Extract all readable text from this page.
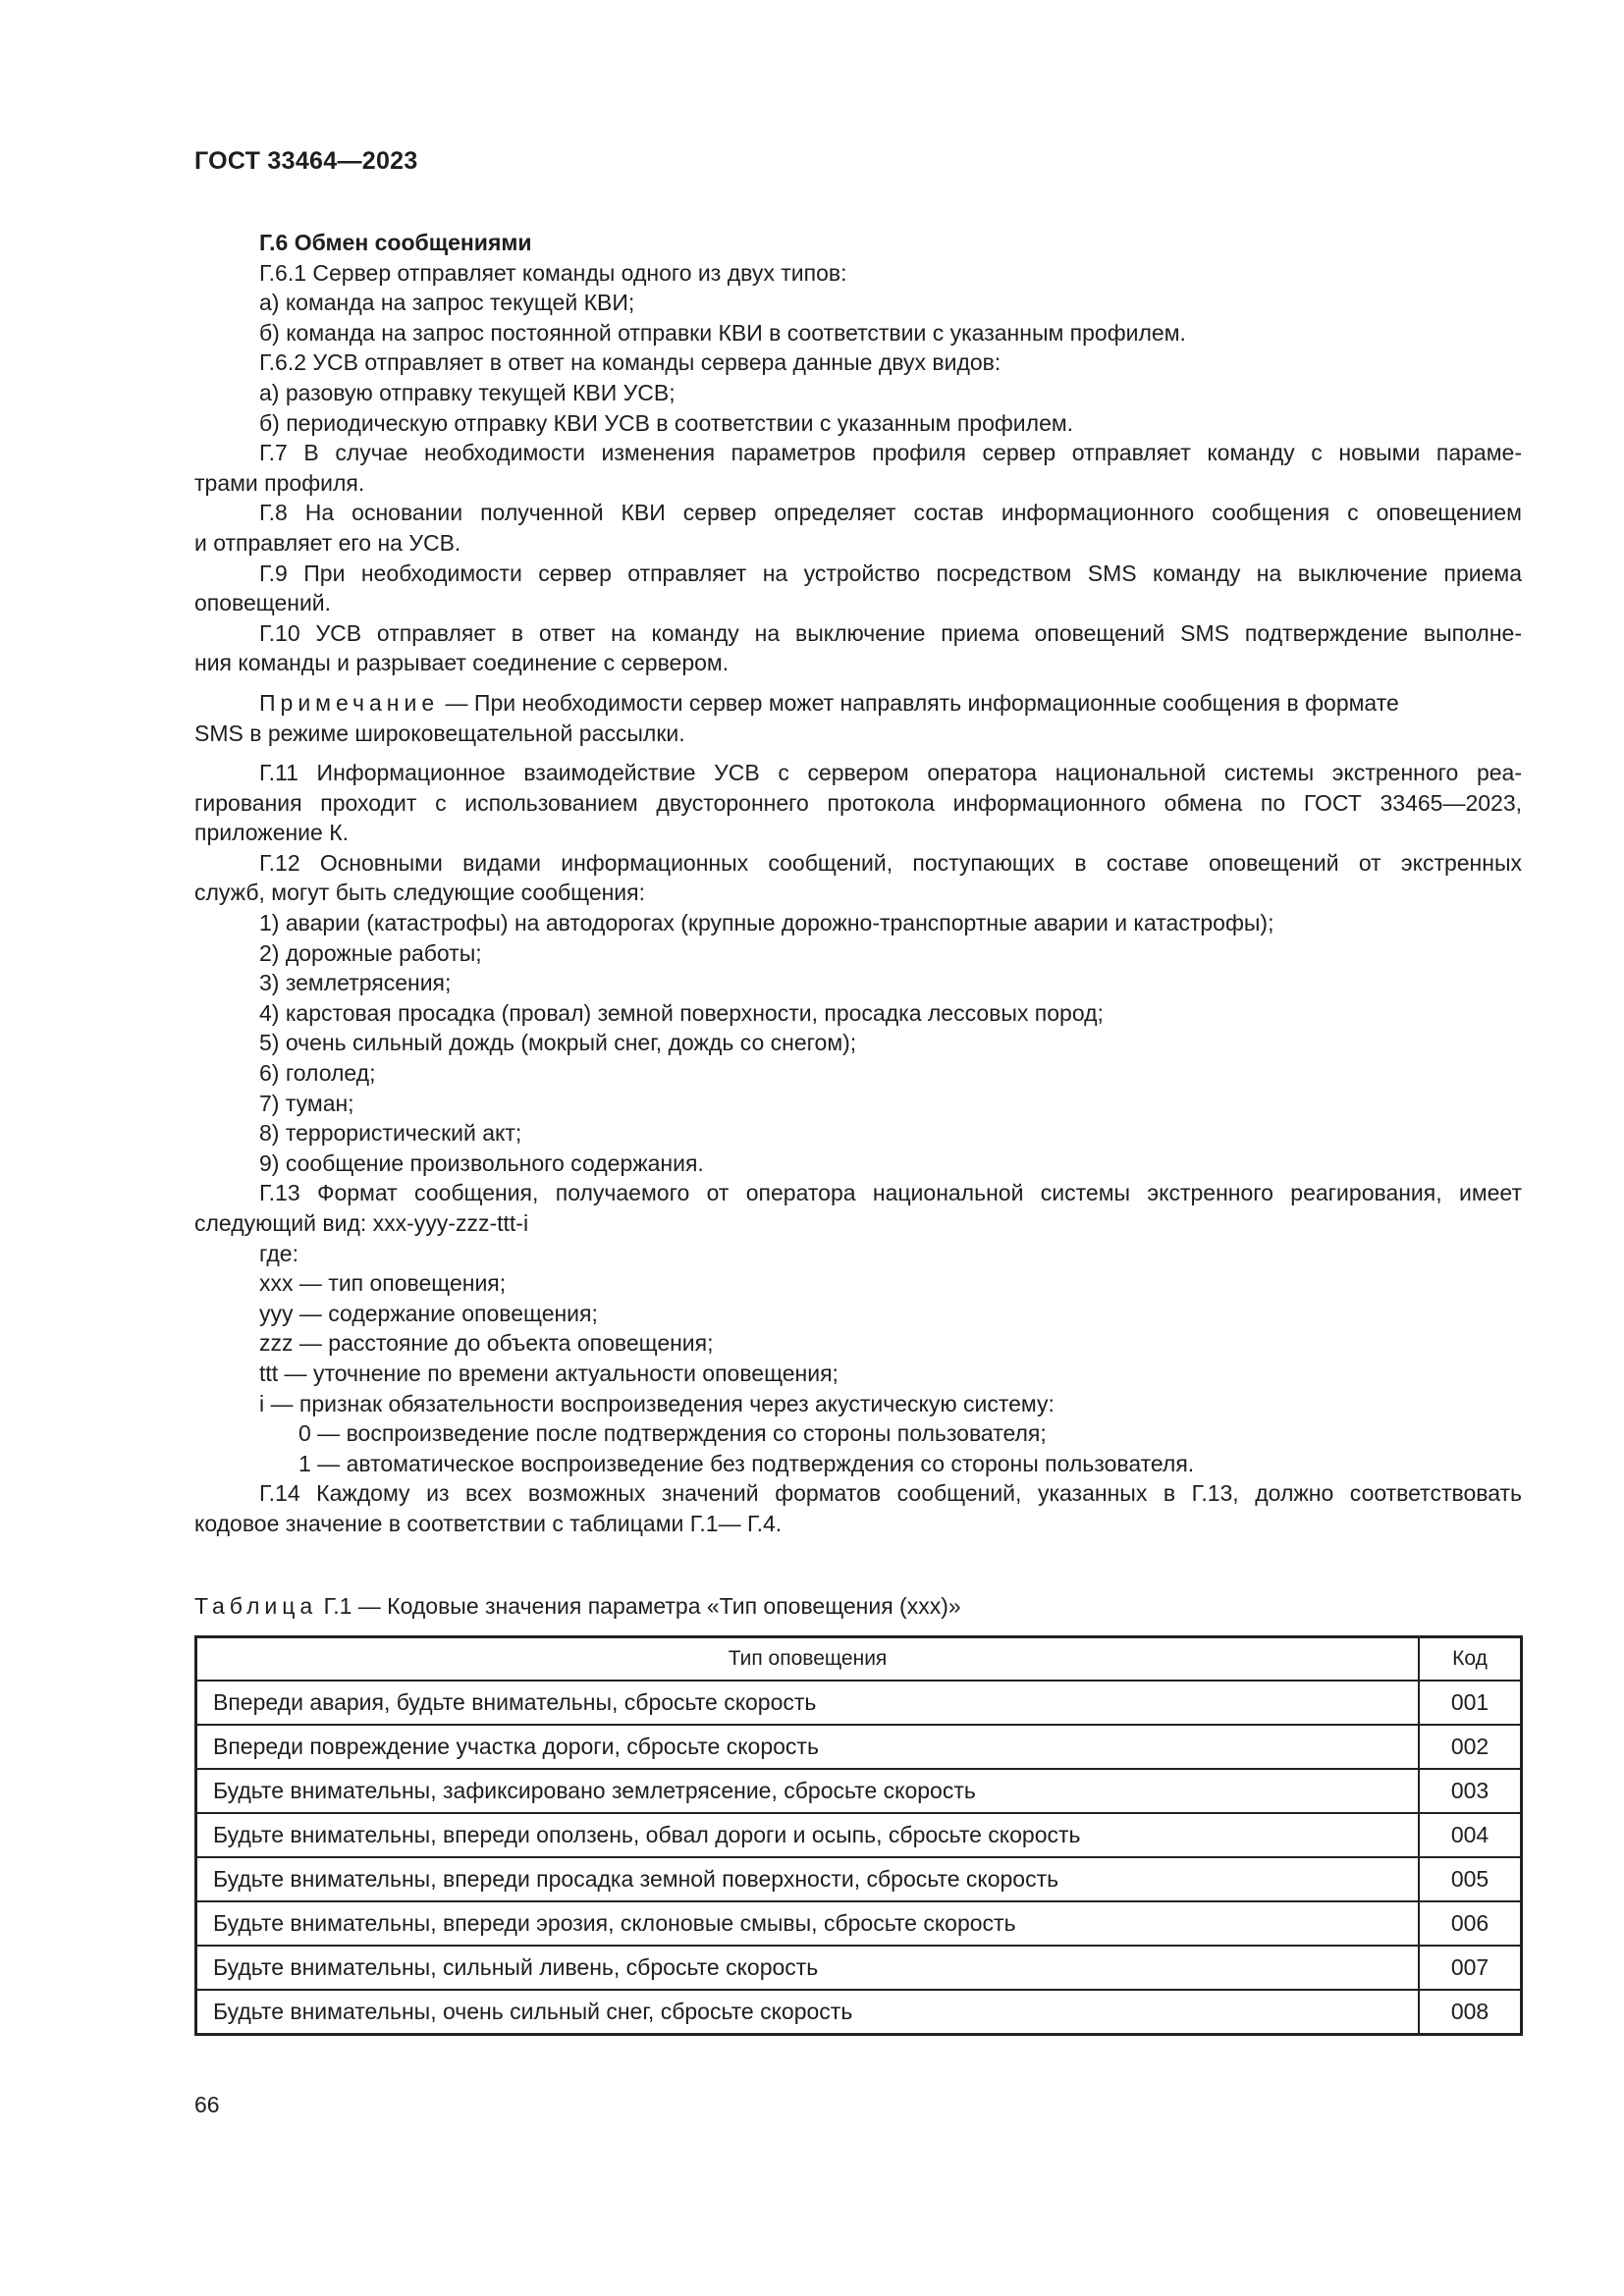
ГОСТ 33464—2023
Г.6 Обмен сообщениями
Г.6.1 Сервер отправляет команды одного из двух типов:
а) команда на запрос текущей КВИ;
б) команда на запрос постоянной отправки КВИ в соответствии с указанным профилем.
Г.6.2 УСВ отправляет в ответ на команды сервера данные двух видов:
а) разовую отправку текущей КВИ УСВ;
б) периодическую отправку КВИ УСВ в соответствии с указанным профилем.
Г.7 В случае необходимости изменения параметров профиля сервер отправляет команду с новыми параме-
трами профиля.
Г.8 На основании полученной КВИ сервер определяет состав информационного сообщения с оповещением
и отправляет его на УСВ.
Г.9 При необходимости сервер отправляет на устройство посредством SMS команду на выключение приема
оповещений.
Г.10 УСВ отправляет в ответ на команду на выключение приема оповещений SMS подтверждение выполне-
ния команды и разрывает соединение с сервером.
Примечание — При необходимости сервер может направлять информационные сообщения в формате
SMS в режиме широковещательной рассылки.
Г.11 Информационное взаимодействие УСВ с сервером оператора национальной системы экстренного реа-
гирования проходит с использованием двустороннего протокола информационного обмена по ГОСТ 33465—2023,
приложение К.
Г.12 Основными видами информационных сообщений, поступающих в составе оповещений от экстренных
служб, могут быть следующие сообщения:
1) аварии (катастрофы) на автодорогах (крупные дорожно-транспортные аварии и катастрофы);
2) дорожные работы;
3) землетрясения;
4) карстовая просадка (провал) земной поверхности, просадка лессовых пород;
5) очень сильный дождь (мокрый снег, дождь со снегом);
6) гололед;
7) туман;
8) террористический акт;
9) сообщение произвольного содержания.
Г.13 Формат сообщения, получаемого от оператора национальной системы экстренного реагирования, имеет
следующий вид: xxx-yyy-zzz-ttt-i
где:
xxx — тип оповещения;
yyy — содержание оповещения;
zzz — расстояние до объекта оповещения;
ttt — уточнение по времени актуальности оповещения;
i — признак обязательности воспроизведения через акустическую систему:
0 — воспроизведение после подтверждения со стороны пользователя;
1 — автоматическое воспроизведение без подтверждения со стороны пользователя.
Г.14 Каждому из всех возможных значений форматов сообщений, указанных в Г.13, должно соответствовать
кодовое значение в соответствии с таблицами Г.1— Г.4.
Таблица Г.1 — Кодовые значения параметра «Тип оповещения (xxx)»
Тип оповещения	Код
Впереди авария, будьте внимательны, сбросьте скорость	001
Впереди повреждение участка дороги, сбросьте скорость	002
Будьте внимательны, зафиксировано землетрясение, сбросьте скорость	003
Будьте внимательны, впереди оползень, обвал дороги и осыпь, сбросьте скорость	004
Будьте внимательны, впереди просадка земной поверхности, сбросьте скорость	005
Будьте внимательны, впереди эрозия, склоновые смывы, сбросьте скорость	006
Будьте внимательны, сильный ливень, сбросьте скорость	007
Будьте внимательны, очень сильный снег, сбросьте скорость	008
66
